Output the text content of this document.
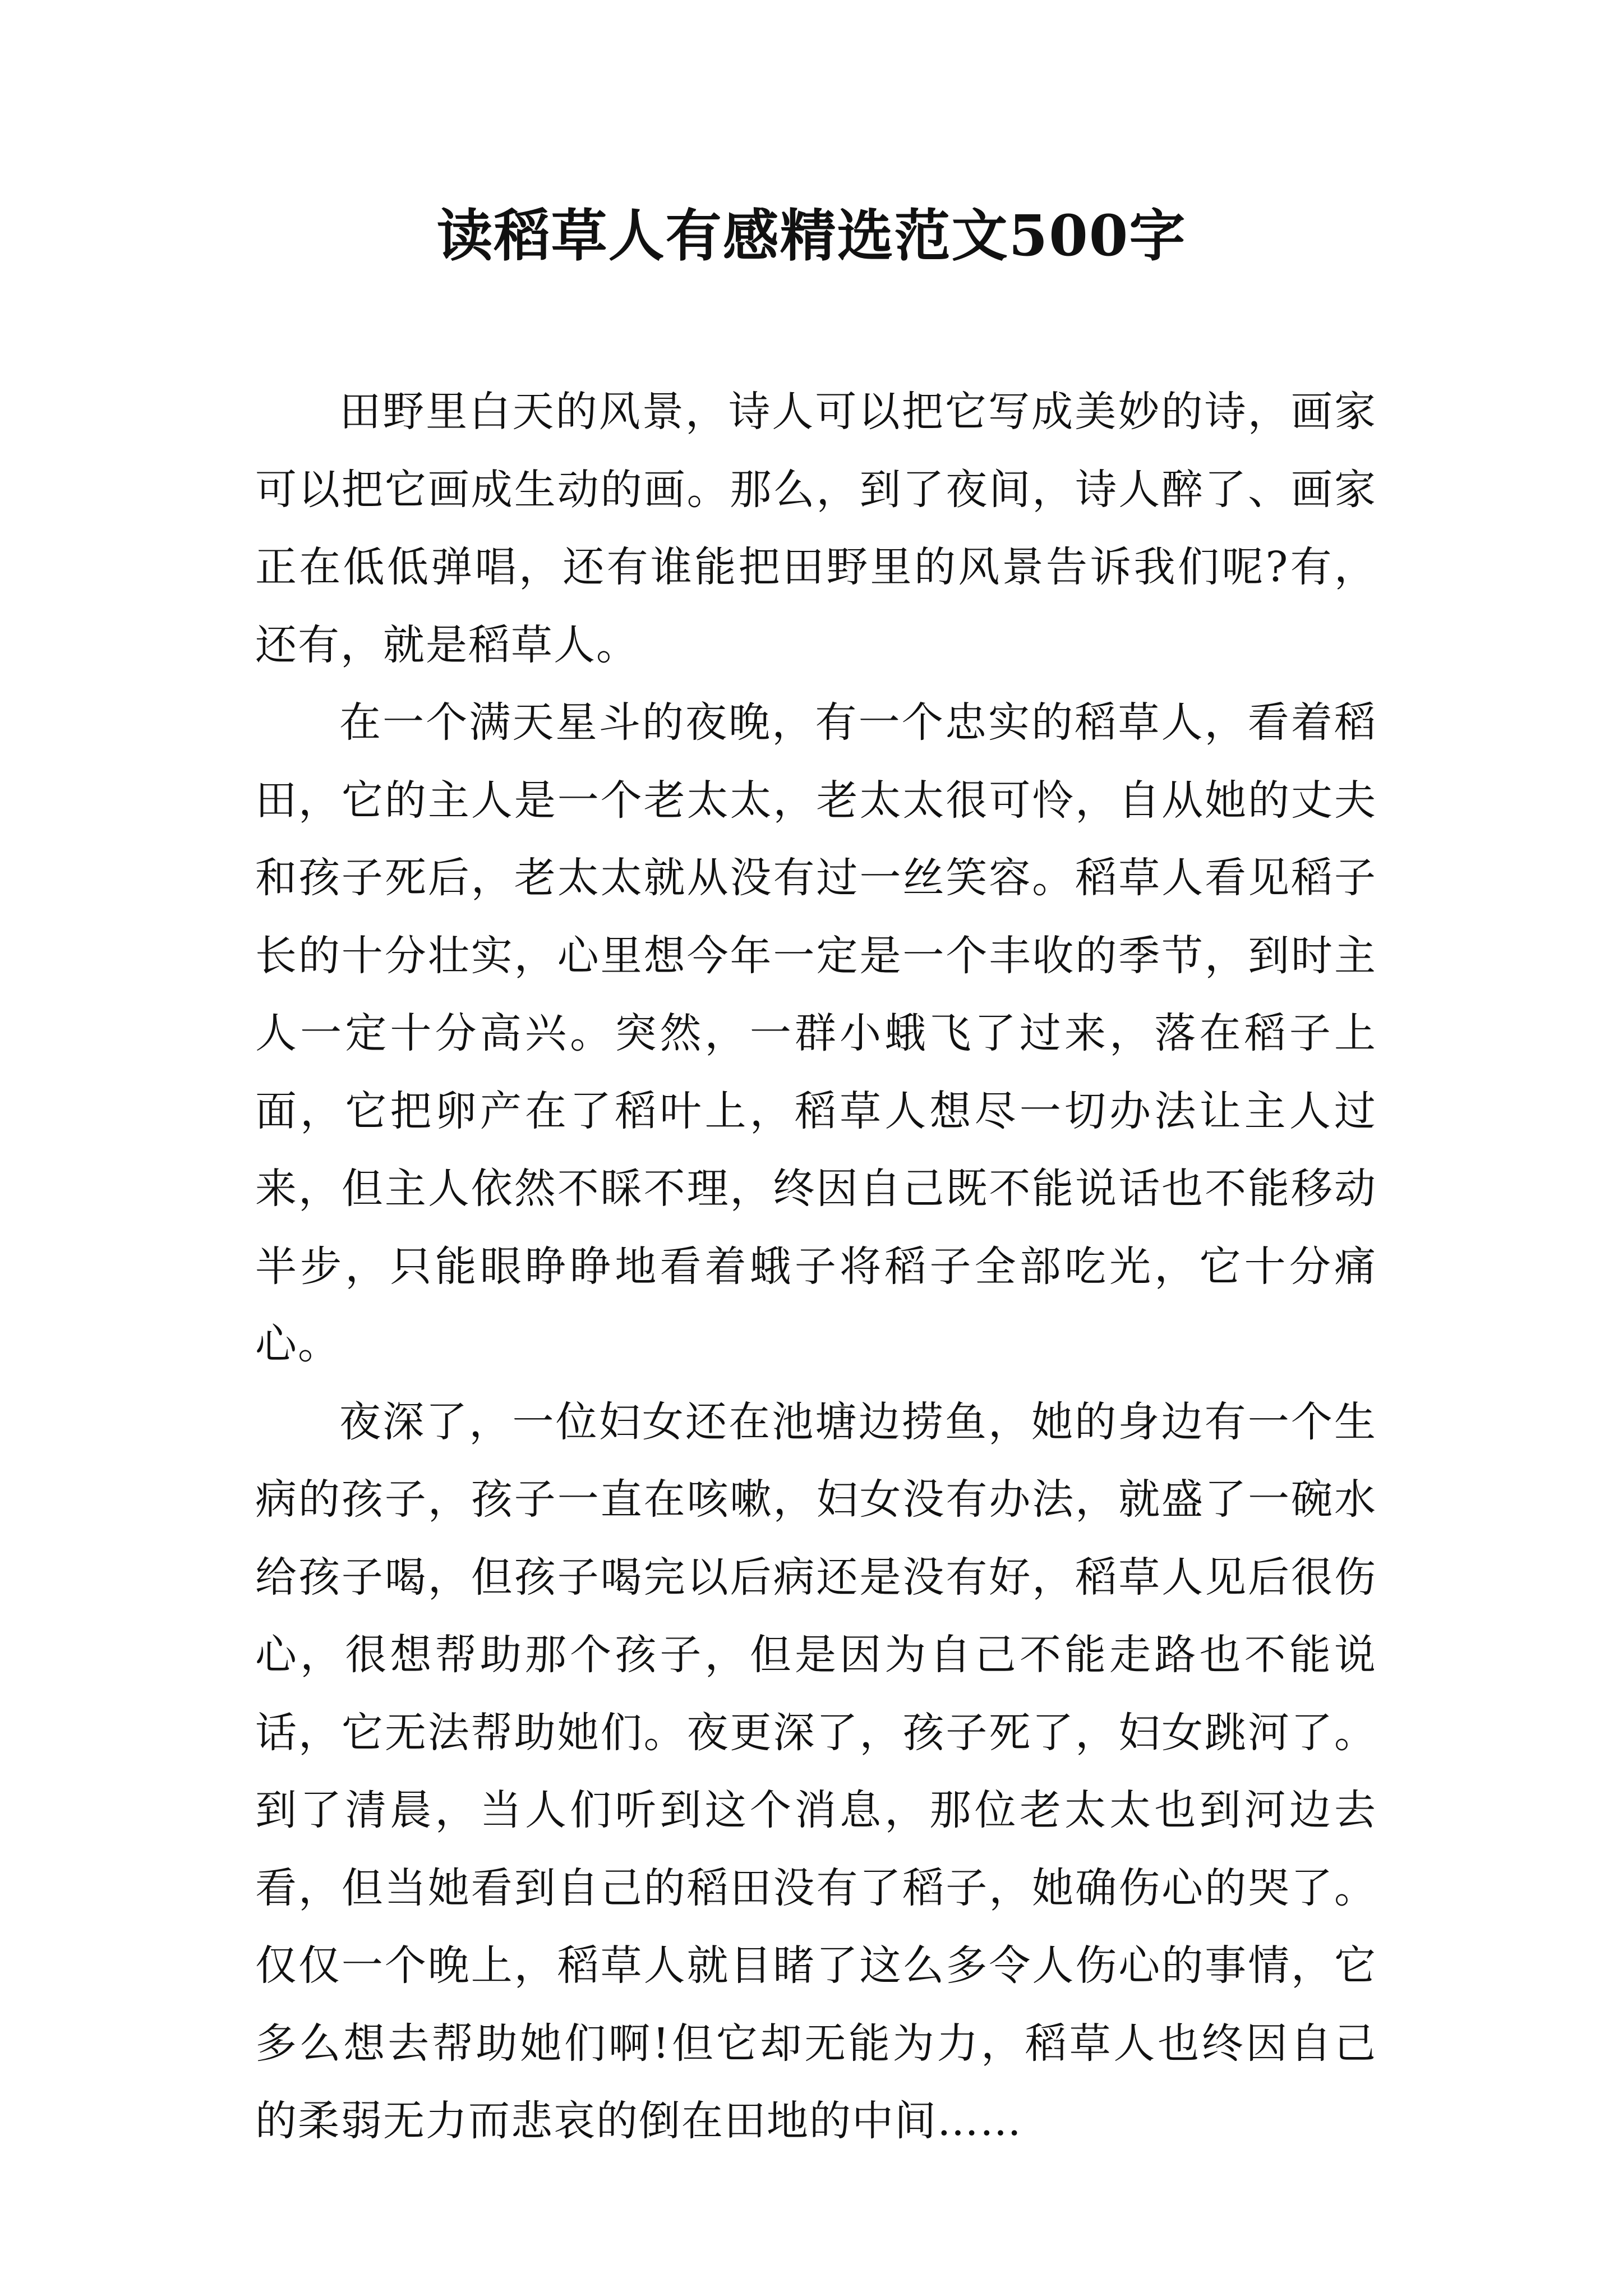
读稻草人有感精选范文500字

田野里白天的风景，诗人可以把它写成美妙的诗，画家可以把它画成生动的画。那么，到了夜间，诗人醉了、画家正在低低弹唱，还有谁能把田野里的风景告诉我们呢?有，还有，就是稻草人。

在一个满天星斗的夜晚，有一个忠实的稻草人，看着稻田，它的主人是一个老太太，老太太很可怜，自从她的丈夫和孩子死后，老太太就从没有过一丝笑容。稻草人看见稻子长的十分壮实，心里想今年一定是一个丰收的季节，到时主人一定十分高兴。突然，一群小蛾飞了过来，落在稻子上面，它把卵产在了稻叶上，稻草人想尽一切办法让主人过来，但主人依然不睬不理，终因自己既不能说话也不能移动半步，只能眼睁睁地看着蛾子将稻子全部吃光，它十分痛心。

夜深了，一位妇女还在池塘边捞鱼，她的身边有一个生病的孩子，孩子一直在咳嗽，妇女没有办法，就盛了一碗水给孩子喝，但孩子喝完以后病还是没有好，稻草人见后很伤心，很想帮助那个孩子，但是因为自己不能走路也不能说话，它无法帮助她们。夜更深了，孩子死了，妇女跳河了。到了清晨，当人们听到这个消息，那位老太太也到河边去看，但当她看到自己的稻田没有了稻子，她确伤心的哭了。仅仅一个晚上，稻草人就目睹了这么多令人伤心的事情，它多么想去帮助她们啊!但它却无能为力，稻草人也终因自己的柔弱无力而悲哀的倒在田地的中间……
